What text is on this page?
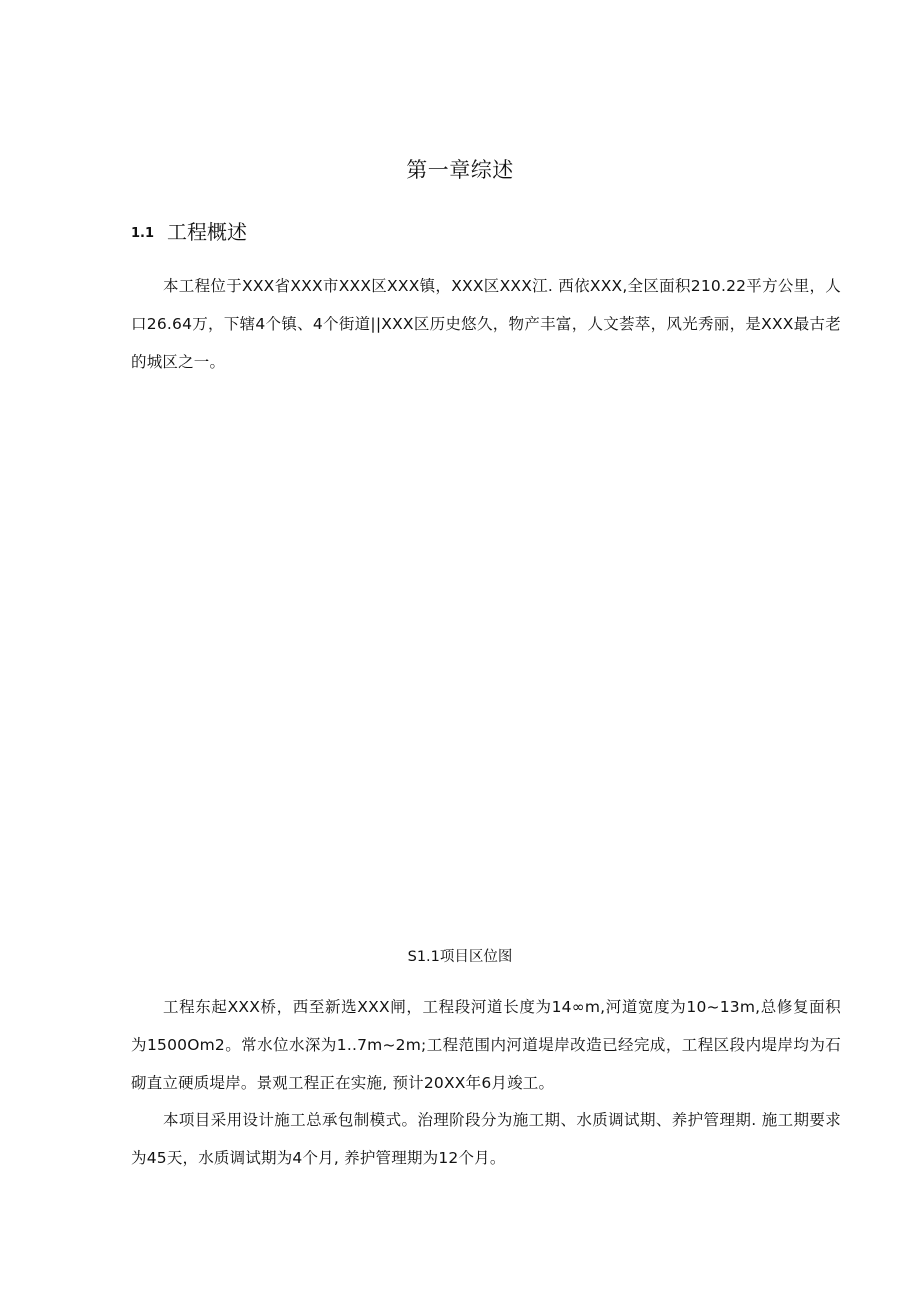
第一章综述
1.1 工程概述

本工程位于XXX省XXX市XXX区XXX镇，XXX区XXX江. 西依XXX,全区面积210.22平方公里，人口26.64万，下辖4个镇、4个街道||XXX区历史悠久，物产丰富，人文荟萃，风光秀丽，是XXX最古老的城区之一。

S1.1项目区位图

工程东起XXX桥，西至新选XXX闸，工程段河道长度为14∞m,河道宽度为10~13m,总修复面积为1500Om2。常水位水深为1..7m~2m;工程范围内河道堤岸改造已经完成，工程区段内堤岸均为石砌直立硬质堤岸。景观工程正在实施, 预计20XX年6月竣工。

本项目采用设计施工总承包制模式。治理阶段分为施工期、水质调试期、养护管理期. 施工期要求为45天，水质调试期为4个月, 养护管理期为12个月。
